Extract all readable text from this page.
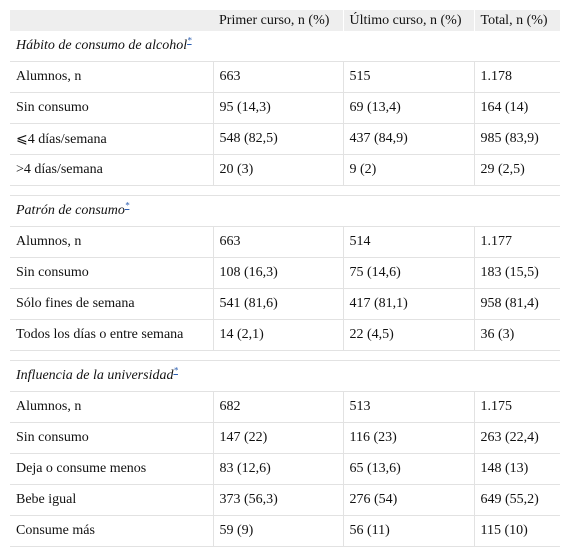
	Primer curso, n (%)	Último curso, n (%)	Total, n (%)
Hábito de consumo de alcohol*
Alumnos, n	663	515	1.178
Sin consumo	95 (14,3)	69 (13,4)	164 (14)
⩽4 días/semana	548 (82,5)	437 (84,9)	985 (83,9)
>4 días/semana	20 (3)	9 (2)	29 (2,5)

Patrón de consumo*
Alumnos, n	663	514	1.177
Sin consumo	108 (16,3)	75 (14,6)	183 (15,5)
Sólo fines de semana	541 (81,6)	417 (81,1)	958 (81,4)
Todos los días o entre semana	14 (2,1)	22 (4,5)	36 (3)

Influencia de la universidad*
Alumnos, n	682	513	1.175
Sin consumo	147 (22)	116 (23)	263 (22,4)
Deja o consume menos	83 (12,6)	65 (13,6)	148 (13)
Bebe igual	373 (56,3)	276 (54)	649 (55,2)
Consume más	59 (9)	56 (11)	115 (10)
